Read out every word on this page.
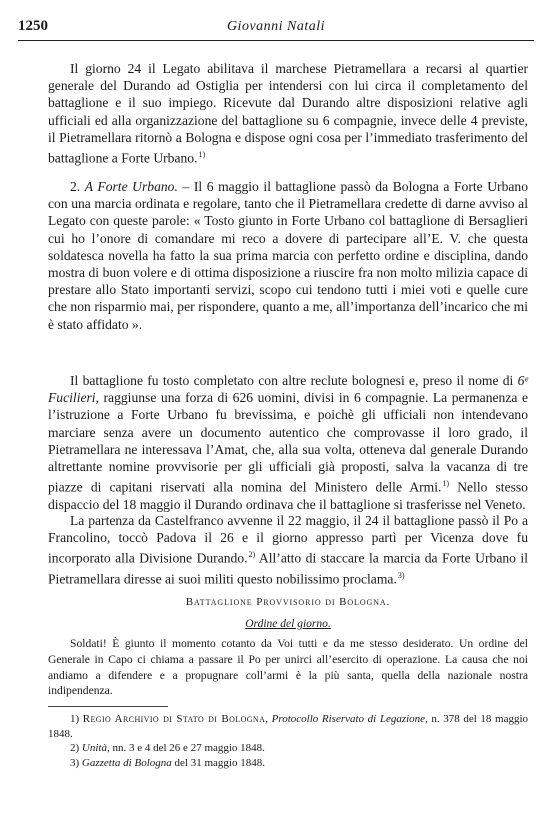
1250	Giovanni Natali

Il giorno 24 il Legato abilitava il marchese Pietramellara a recarsi al quartier generale del Durando ad Ostiglia per intendersi con lui circa il completamento del battaglione e il suo impiego. Ricevute dal Durando altre disposizioni relative agli ufficiali ed alla organizzazione del battaglione su 6 compagnie, invece delle 4 previste, il Pietramellara ritornò a Bologna e dispose ogni cosa per l’immediato trasferimento del battaglione a Forte Urbano.$^{1)}$

2. A Forte Urbano. – Il 6 maggio il battaglione passò da Bologna a Forte Urbano con una marcia ordinata e regolare, tanto che il Pietramellara credette di darne avviso al Legato con queste parole: « Tosto giunto in Forte Urbano col battaglione di Bersaglieri cui ho l’onore di comandare mi reco a dovere di partecipare all’E. V. che questa soldatesca novella ha fatto la sua prima marcia con perfetto ordine e disciplina, dando mostra di buon volere e di ottima disposizione a riuscire fra non molto milizia capace di prestare allo Stato importanti servizi, scopo cui tendono tutti i miei voti e quelle cure che non risparmio mai, per rispondere, quanto a me, all’importanza dell’incarico che mi è stato affidato ».

Il battaglione fu tosto completato con altre reclute bolognesi e, preso il nome di 6ᵉ Fucilieri, raggiunse una forza di 626 uomini, divisi in 6 compagnie. La permanenza e l’istruzione a Forte Urbano fu brevissima, e poichè gli ufficiali non intendevano marciare senza avere un documento autentico che comprovasse il loro grado, il Pietramellara ne interessava l’Amat, che, alla sua volta, otteneva dal generale Durando altrettante nomine provvisorie per gli ufficiali già proposti, salva la vacanza di tre piazze di capitani riservati alla nomina del Ministero delle Armi.$^{1)}$ Nello stesso dispaccio del 18 maggio il Durando ordinava che il battaglione si trasferisse nel Veneto.

La partenza da Castelfranco avvenne il 22 maggio, il 24 il battaglione passò il Po a Francolino, toccò Padova il 26 e il giorno appresso partì per Vicenza dove fu incorporato alla Divisione Durando.$^{2)}$ All’atto di staccare la marcia da Forte Urbano il Pietramellara diresse ai suoi militi questo nobilissimo proclama.$^{3)}$

Battaglione Provvisorio di Bologna.
Ordine del giorno.

Soldati! È giunto il momento cotanto da Voi tutti e da me stesso desiderato. Un ordine del Generale in Capo ci chiama a passare il Po per unirci all’esercito di operazione. La causa che noi andiamo a difendere e a propugnare coll’armi è la più santa, quella della nazionale nostra indipendenza.

1) Regio Archivio di Stato di Bologna, Protocollo Riservato di Legazione, n. 378 del 18 maggio 1848.

2) Unità, nn. 3 e 4 del 26 e 27 maggio 1848.

3) Gazzetta di Bologna del 31 maggio 1848.
